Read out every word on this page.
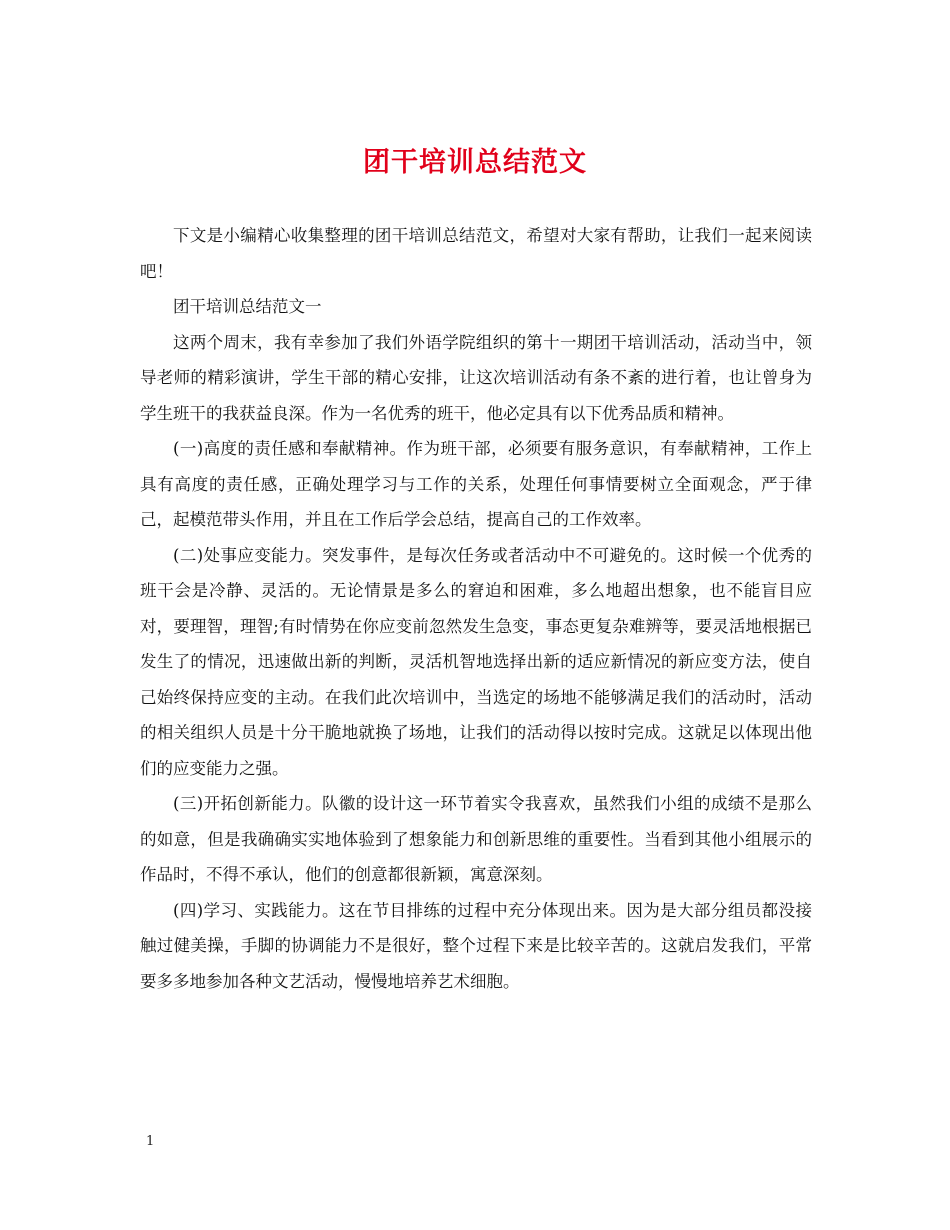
团干培训总结范文

下文是小编精心收集整理的团干培训总结范文，希望对大家有帮助，让我们一起来阅读吧！

团干培训总结范文一

这两个周末，我有幸参加了我们外语学院组织的第十一期团干培训活动，活动当中，领导老师的精彩演讲，学生干部的精心安排，让这次培训活动有条不紊的进行着，也让曾身为学生班干的我获益良深。作为一名优秀的班干，他必定具有以下优秀品质和精神。

(一)高度的责任感和奉献精神。作为班干部，必须要有服务意识，有奉献精神，工作上具有高度的责任感，正确处理学习与工作的关系，处理任何事情要树立全面观念，严于律己，起模范带头作用，并且在工作后学会总结，提高自己的工作效率。

(二)处事应变能力。突发事件，是每次任务或者活动中不可避免的。这时候一个优秀的班干会是冷静、灵活的。无论情景是多么的窘迫和困难，多么地超出想象，也不能盲目应对，要理智，理智;有时情势在你应变前忽然发生急变，事态更复杂难辨等，要灵活地根据已发生了的情况，迅速做出新的判断，灵活机智地选择出新的适应新情况的新应变方法，使自己始终保持应变的主动。在我们此次培训中，当选定的场地不能够满足我们的活动时，活动的相关组织人员是十分干脆地就换了场地，让我们的活动得以按时完成。这就足以体现出他们的应变能力之强。

(三)开拓创新能力。队徽的设计这一环节着实令我喜欢，虽然我们小组的成绩不是那么的如意，但是我确确实实地体验到了想象能力和创新思维的重要性。当看到其他小组展示的作品时，不得不承认，他们的创意都很新颖，寓意深刻。

(四)学习、实践能力。这在节目排练的过程中充分体现出来。因为是大部分组员都没接触过健美操，手脚的协调能力不是很好，整个过程下来是比较辛苦的。这就启发我们，平常要多多地参加各种文艺活动，慢慢地培养艺术细胞。

1
